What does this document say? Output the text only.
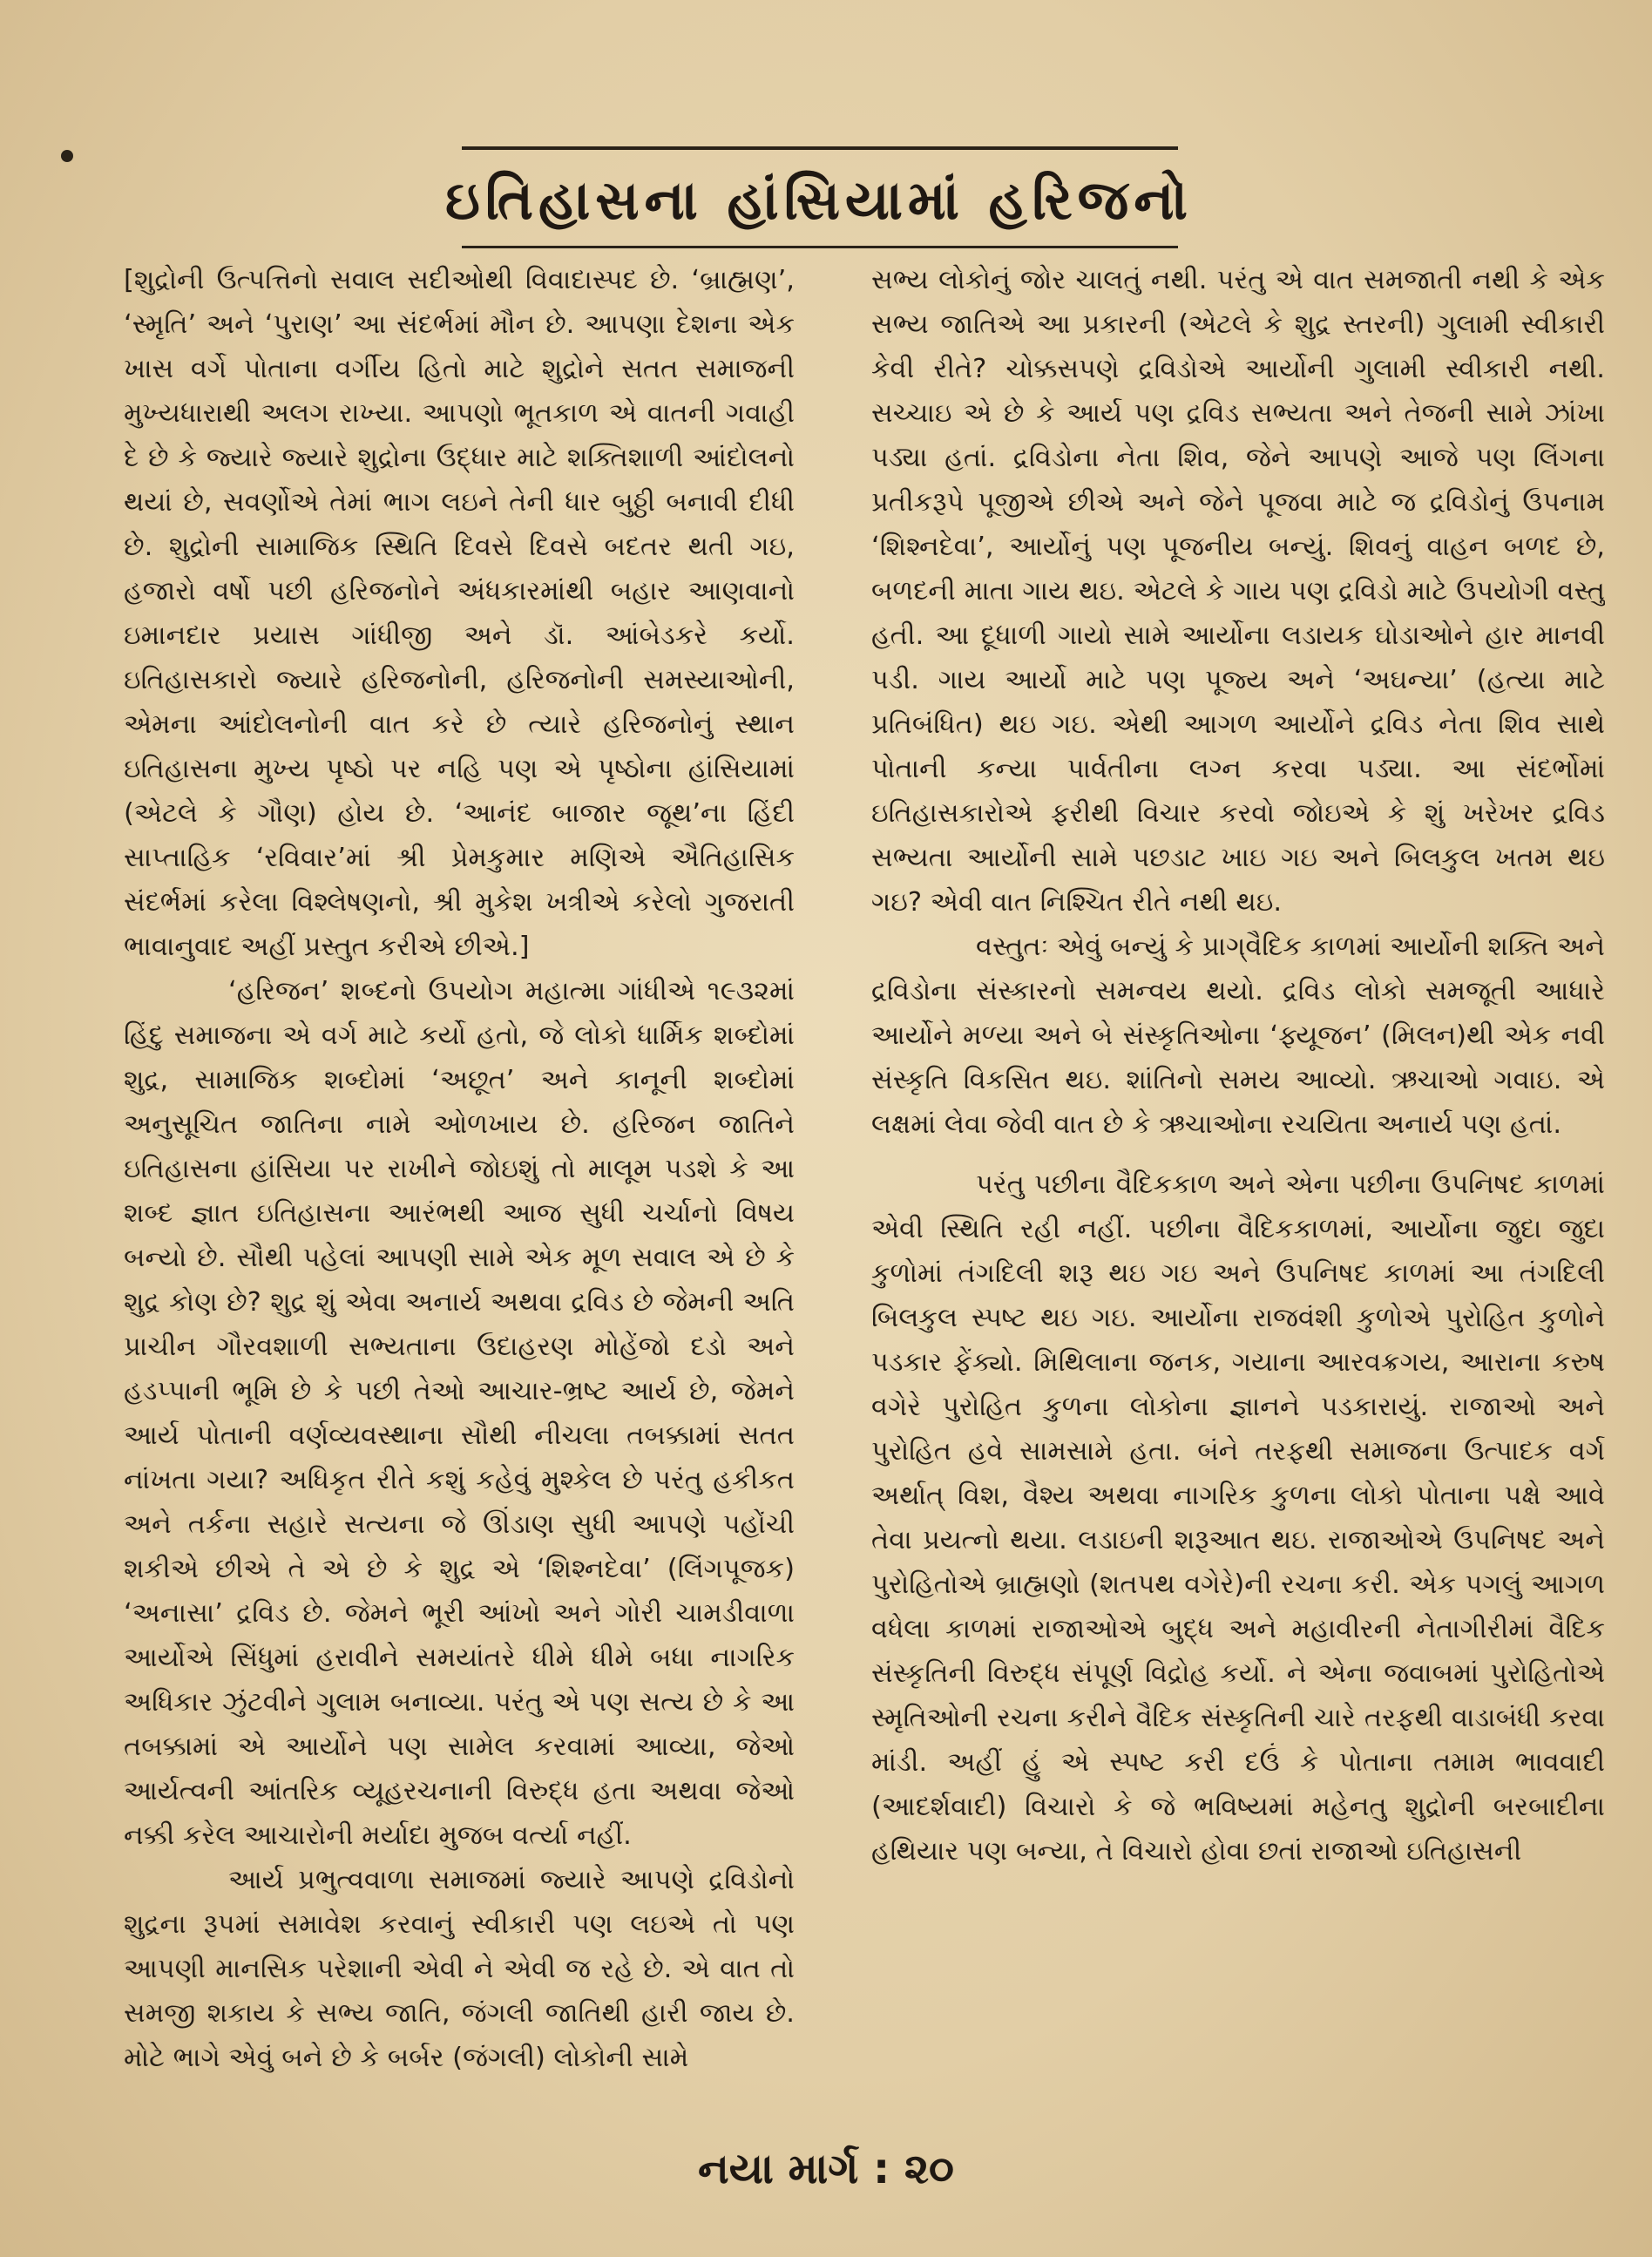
ઇતિહાસના હાંસિયામાં હરિજનો

[શુદ્રોની ઉત્પત્તિનો સવાલ સદીઓથી વિવાદાસ્પદ છે. ‘બ્રાહ્મણ’, ‘સ્મૃતિ’ અને ‘પુરાણ’ આ સંદર્ભમાં મૌન છે. આપણા દેશના એક ખાસ વર્ગે પોતાના વર્ગીય હિતો માટે શુદ્રોને સતત સમાજની મુખ્યધારાથી અલગ રાખ્યા. આપણો ભૂતકાળ એ વાતની ગવાહી દે છે કે જ્યારે જ્યારે શુદ્રોના ઉદ્ધાર માટે શક્તિશાળી આંદોલનો થયાં છે, સવર્ણોએ તેમાં ભાગ લઇને તેની ધાર બુઠ્ઠી બનાવી દીધી છે. શુદ્રોની સામાજિક સ્થિતિ દિવસે દિવસે બદતર થતી ગઇ, હજારો વર્ષો પછી હરિજનોને અંધકારમાંથી બહાર આણવાનો ઇમાનદાર પ્રયાસ ગાંધીજી અને ડૉ. આંબેડકરે કર્યો. ઇતિહાસકારો જ્યારે હરિજનોની, હરિજનોની સમસ્યાઓની, એમના આંદોલનોની વાત કરે છે ત્યારે હરિજનોનું સ્થાન ઇતિહાસના મુખ્ય પૃષ્ઠો પર નહિ પણ એ પૃષ્ઠોના હાંસિયામાં (એટલે કે ગૌણ) હોય છે. ‘આનંદ બાજાર જૂથ’ના હિંદી સાપ્તાહિક ‘રવિવાર’માં શ્રી પ્રેમકુમાર મણિએ ઐતિહાસિક સંદર્ભમાં કરેલા વિશ્લેષણનો, શ્રી મુકેશ ખત્રીએ કરેલો ગુજરાતી ભાવાનુવાદ અહીં પ્રસ્તુત કરીએ છીએ.]

‘હરિજન’ શબ્દનો ઉપયોગ મહાત્મા ગાંધીએ ૧૯૩૨માં હિંદુ સમાજના એ વર્ગ માટે કર્યો હતો, જે લોકો ધાર્મિક શબ્દોમાં શુદ્ર, સામાજિક શબ્દોમાં ‘અછૂત’ અને કાનૂની શબ્દોમાં અનુસૂચિત જાતિના નામે ઓળખાય છે. હરિજન જાતિને ઇતિહાસના હાંસિયા પર રાખીને જોઇશું તો માલૂમ પડશે કે આ શબ્દ જ્ઞાત ઇતિહાસના આરંભથી આજ સુધી ચર્ચાનો વિષય બન્યો છે. સૌથી પહેલાં આપણી સામે એક મૂળ સવાલ એ છે કે શુદ્ર કોણ છે? શુદ્ર શું એવા અનાર્ય અથવા દ્રવિડ છે જેમની અતિ પ્રાચીન ગૌરવશાળી સભ્યતાના ઉદાહરણ મોહેંજો દડો અને હડપ્પાની ભૂમિ છે કે પછી તેઓ આચાર-ભ્રષ્ટ આર્ય છે, જેમને આર્ય પોતાની વર્ણવ્યવસ્થાના સૌથી નીચલા તબક્કામાં સતત નાંખતા ગયા? અધિકૃત રીતે કશું કહેવું મુશ્કેલ છે પરંતુ હકીકત અને તર્કના સહારે સત્યના જે ઊંડાણ સુધી આપણે પહોંચી શકીએ છીએ તે એ છે કે શુદ્ર એ ‘શિશ્નદેવા’ (લિંગપૂજક) ‘અનાસા’ દ્રવિડ છે. જેમને ભૂરી આંખો અને ગોરી ચામડીવાળા આર્યોએ સિંધુમાં હરાવીને સમયાંતરે ધીમે ધીમે બધા નાગરિક અધિકાર ઝુંટવીને ગુલામ બનાવ્યા. પરંતુ એ પણ સત્ય છે કે આ તબક્કામાં એ આર્યોને પણ સામેલ કરવામાં આવ્યા, જેઓ આર્યત્વની આંતરિક વ્યૂહરચનાની વિરુદ્ધ હતા અથવા જેઓ નક્કી કરેલ આચારોની મર્યાદા મુજબ વર્ત્યા નહીં.

આર્ય પ્રભુત્વવાળા સમાજમાં જ્યારે આપણે દ્રવિડોનો શુદ્રના રૂપમાં સમાવેશ કરવાનું સ્વીકારી પણ લઇએ તો પણ આપણી માનસિક પરેશાની એવી ને એવી જ રહે છે. એ વાત તો સમજી શકાય કે સભ્ય જાતિ, જંગલી જાતિથી હારી જાય છે. મોટે ભાગે એવું બને છે કે બર્બર (જંગલી) લોકોની સામે

સભ્ય લોકોનું જોર ચાલતું નથી. પરંતુ એ વાત સમજાતી નથી કે એક સભ્ય જાતિએ આ પ્રકારની (એટલે કે શુદ્ર સ્તરની) ગુલામી સ્વીકારી કેવી રીતે? ચોક્કસપણે દ્રવિડોએ આર્યોની ગુલામી સ્વીકારી નથી. સચ્ચાઇ એ છે કે આર્ય પણ દ્રવિડ સભ્યતા અને તેજની સામે ઝાંખા પડ્યા હતાં. દ્રવિડોના નેતા શિવ, જેને આપણે આજે પણ લિંગના પ્રતીકરૂપે પૂજીએ છીએ અને જેને પૂજવા માટે જ દ્રવિડોનું ઉપનામ ‘શિશ્નદેવા’, આર્યોનું પણ પૂજનીય બન્યું. શિવનું વાહન બળદ છે, બળદની માતા ગાય થઇ. એટલે કે ગાય પણ દ્રવિડો માટે ઉપયોગી વસ્તુ હતી. આ દૂધાળી ગાયો સામે આર્યોના લડાયક ઘોડાઓને હાર માનવી પડી. ગાય આર્યો માટે પણ પૂજ્ય અને ‘અઘન્યા’ (હત્યા માટે પ્રતિબંધિત) થઇ ગઇ. એથી આગળ આર્યોને દ્રવિડ નેતા શિવ સાથે પોતાની કન્યા પાર્વતીના લગ્ન કરવા પડ્યા. આ સંદર્ભોમાં ઇતિહાસકારોએ ફરીથી વિચાર કરવો જોઇએ કે શું ખરેખર દ્રવિડ સભ્યતા આર્યોની સામે પછડાટ ખાઇ ગઇ અને બિલકુલ ખતમ થઇ ગઇ? એવી વાત નિશ્ચિત રીતે નથી થઇ.

વસ્તુતઃ એવું બન્યું કે પ્રાગ્‌વૈદિક કાળમાં આર્યોની શક્તિ અને દ્રવિડોના સંસ્કારનો સમન્વય થયો. દ્રવિડ લોકો સમજૂતી આધારે આર્યોને મળ્યા અને બે સંસ્કૃતિઓના ‘ફ્યૂજન’ (મિલન)થી એક નવી સંસ્કૃતિ વિકસિત થઇ. શાંતિનો સમય આવ્યો. ઋચાઓ ગવાઇ. એ લક્ષમાં લેવા જેવી વાત છે કે ઋચાઓના રચયિતા અનાર્ય પણ હતાં.

પરંતુ પછીના વૈદિકકાળ અને એના પછીના ઉપનિષદ કાળમાં એવી સ્થિતિ રહી નહીં. પછીના વૈદિકકાળમાં, આર્યોના જુદા જુદા કુળોમાં તંગદિલી શરૂ થઇ ગઇ અને ઉપનિષદ કાળમાં આ તંગદિલી બિલકુલ સ્પષ્ટ થઇ ગઇ. આર્યોના રાજવંશી કુળોએ પુરોહિત કુળોને પડકાર ફેંક્યો. મિથિલાના જનક, ગયાના આરવક્રગય, આરાના કરુષ વગેરે પુરોહિત કુળના લોકોના જ્ઞાનને પડકારાયું. રાજાઓ અને પુરોહિત હવે સામસામે હતા. બંને તરફથી સમાજના ઉત્પાદક વર્ગ અર્થાત્ વિશ, વૈશ્ય અથવા નાગરિક કુળના લોકો પોતાના પક્ષે આવે તેવા પ્રયત્નો થયા. લડાઇની શરૂઆત થઇ. રાજાઓએ ઉપનિષદ અને પુરોહિતોએ બ્રાહ્મણો (શતપથ વગેરે)ની રચના કરી. એક પગલું આગળ વધેલા કાળમાં રાજાઓએ બુદ્ધ અને મહાવીરની નેતાગીરીમાં વૈદિક સંસ્કૃતિની વિરુદ્ધ સંપૂર્ણ વિદ્રોહ કર્યો. ને એના જવાબમાં પુરોહિતોએ સ્મૃતિઓની રચના કરીને વૈદિક સંસ્કૃતિની ચારે તરફથી વાડાબંધી કરવા માંડી. અહીં હું એ સ્પષ્ટ કરી દઉં કે પોતાના તમામ ભાવવાદી (આદર્શવાદી) વિચારો કે જે ભવિષ્યમાં મહેનતુ શુદ્રોની બરબાદીના હથિયાર પણ બન્યા, તે વિચારો હોવા છતાં રાજાઓ ઇતિહાસની

નયા માર્ગ : ૨૦
